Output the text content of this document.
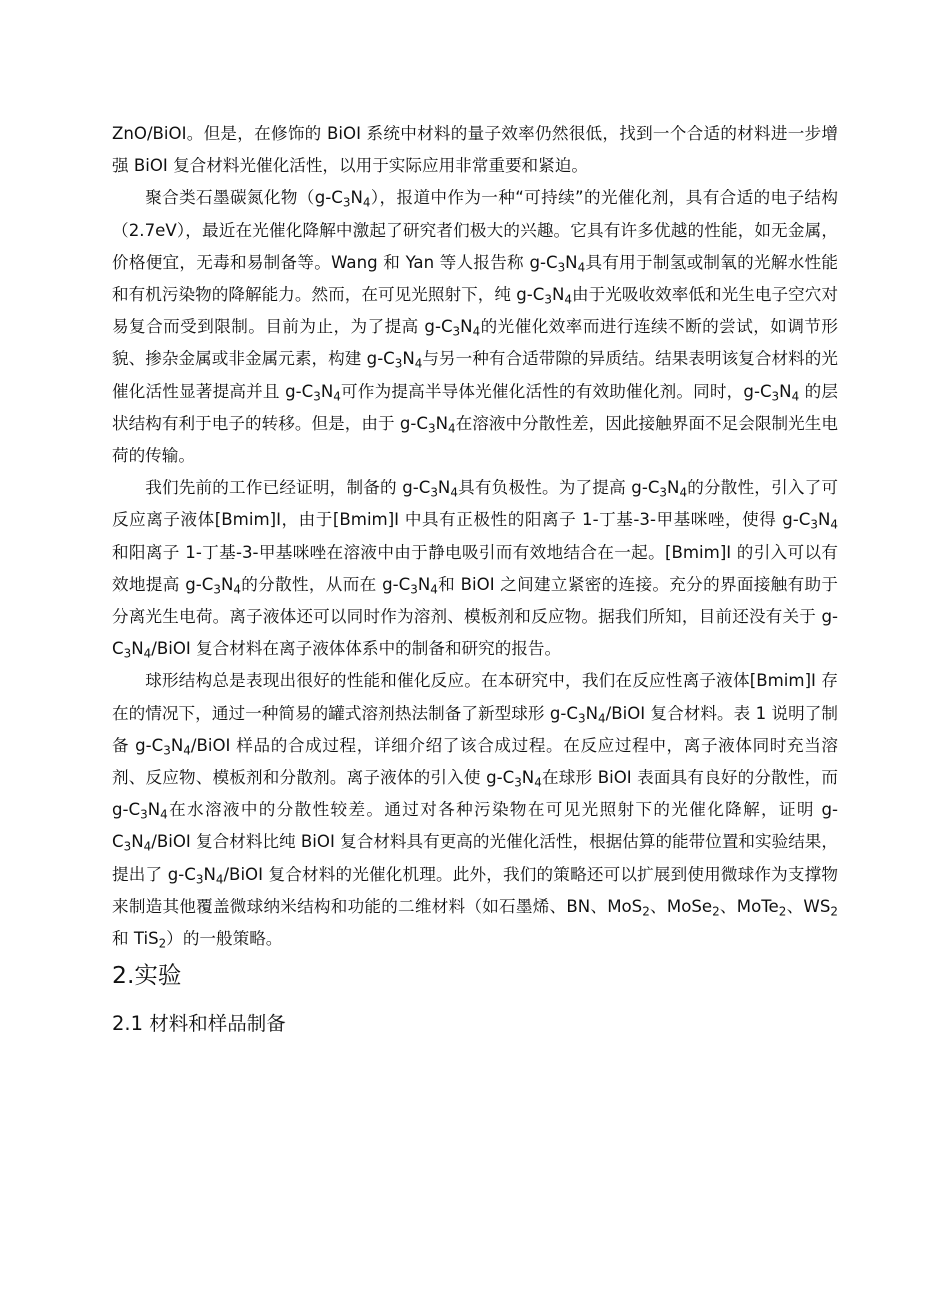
ZnO/BiOI。但是，在修饰的 BiOI 系统中材料的量子效率仍然很低，找到一个合适的材料进一步增强 BiOI 复合材料光催化活性，以用于实际应用非常重要和紧迫。

聚合类石墨碳氮化物$(g-C_3N_4)$，报道中作为一种“可持续”的光催化剂，具有合适的电子结构（2.7eV），最近在光催化降解中激起了研究者们极大的兴趣。它具有许多优越的性能，如无金属，价格便宜，无毒和易制备等。Wang 和 Yan 等人报告称 $g-C_3N_4$具有用于制氢或制氧的光解水性能和有机污染物的降解能力。然而，在可见光照射下，纯 $g-C_3N_4$由于光吸收效率低和光生电子空穴对易复合而受到限制。目前为止，为了提高 $g-C_3N_4$的光催化效率而进行连续不断的尝试，如调节形貌、掺杂金属或非金属元素，构建 $g-C_3N_4$与另一种有合适带隙的异质结。结果表明该复合材料的光催化活性显著提高并且 $g-C_3N_4$可作为提高半导体光催化活性的有效助催化剂。同时，$g-C_3N_4$ 的层状结构有利于电子的转移。但是，由于 $g-C_3N_4$在溶液中分散性差，因此接触界面不足会限制光生电荷的传输。

我们先前的工作已经证明，制备的 $g-C_3N_4$具有负极性。为了提高 $g-C_3N_4$的分散性，引入了可反应离子液体[Bmim]I，由于[Bmim]I 中具有正极性的阳离子 1-丁基-3-甲基咪唑，使得 $g-C_3N_4$ 和阳离子 1-丁基-3-甲基咪唑在溶液中由于静电吸引而有效地结合在一起。[Bmim]I 的引入可以有效地提高 $g-C_3N_4$的分散性，从而在 $g-C_3N_4$和 BiOI 之间建立紧密的连接。充分的界面接触有助于分离光生电荷。离子液体还可以同时作为溶剂、模板剂和反应物。据我们所知，目前还没有关于 $g-C_3N_4$/BiOI 复合材料在离子液体体系中的制备和研究的报告。

球形结构总是表现出很好的性能和催化反应。在本研究中，我们在反应性离子液体[Bmim]I 存在的情况下，通过一种简易的罐式溶剂热法制备了新型球形 $g-C_3N_4$/BiOI 复合材料。表 1 说明了制备 $g-C_3N_4$/BiOI 样品的合成过程，详细介绍了该合成过程。在反应过程中，离子液体同时充当溶剂、反应物、模板剂和分散剂。离子液体的引入使 $g-C_3N_4$在球形 BiOI 表面具有良好的分散性，而 $g-C_3N_4$在水溶液中的分散性较差。通过对各种污染物在可见光照射下的光催化降解，证明 $g-C_3N_4$/BiOI 复合材料比纯 BiOI 复合材料具有更高的光催化活性，根据估算的能带位置和实验结果，提出了 $g-C_3N_4$/BiOI 复合材料的光催化机理。此外，我们的策略还可以扩展到使用微球作为支撑物来制造其他覆盖微球纳米结构和功能的二维材料（如石墨烯、BN、MoS$_2$、MoSe$_2$、MoTe$_2$、$WS_2$和 TiS$_2$）的一般策略。

2.实验
2.1 材料和样品制备
